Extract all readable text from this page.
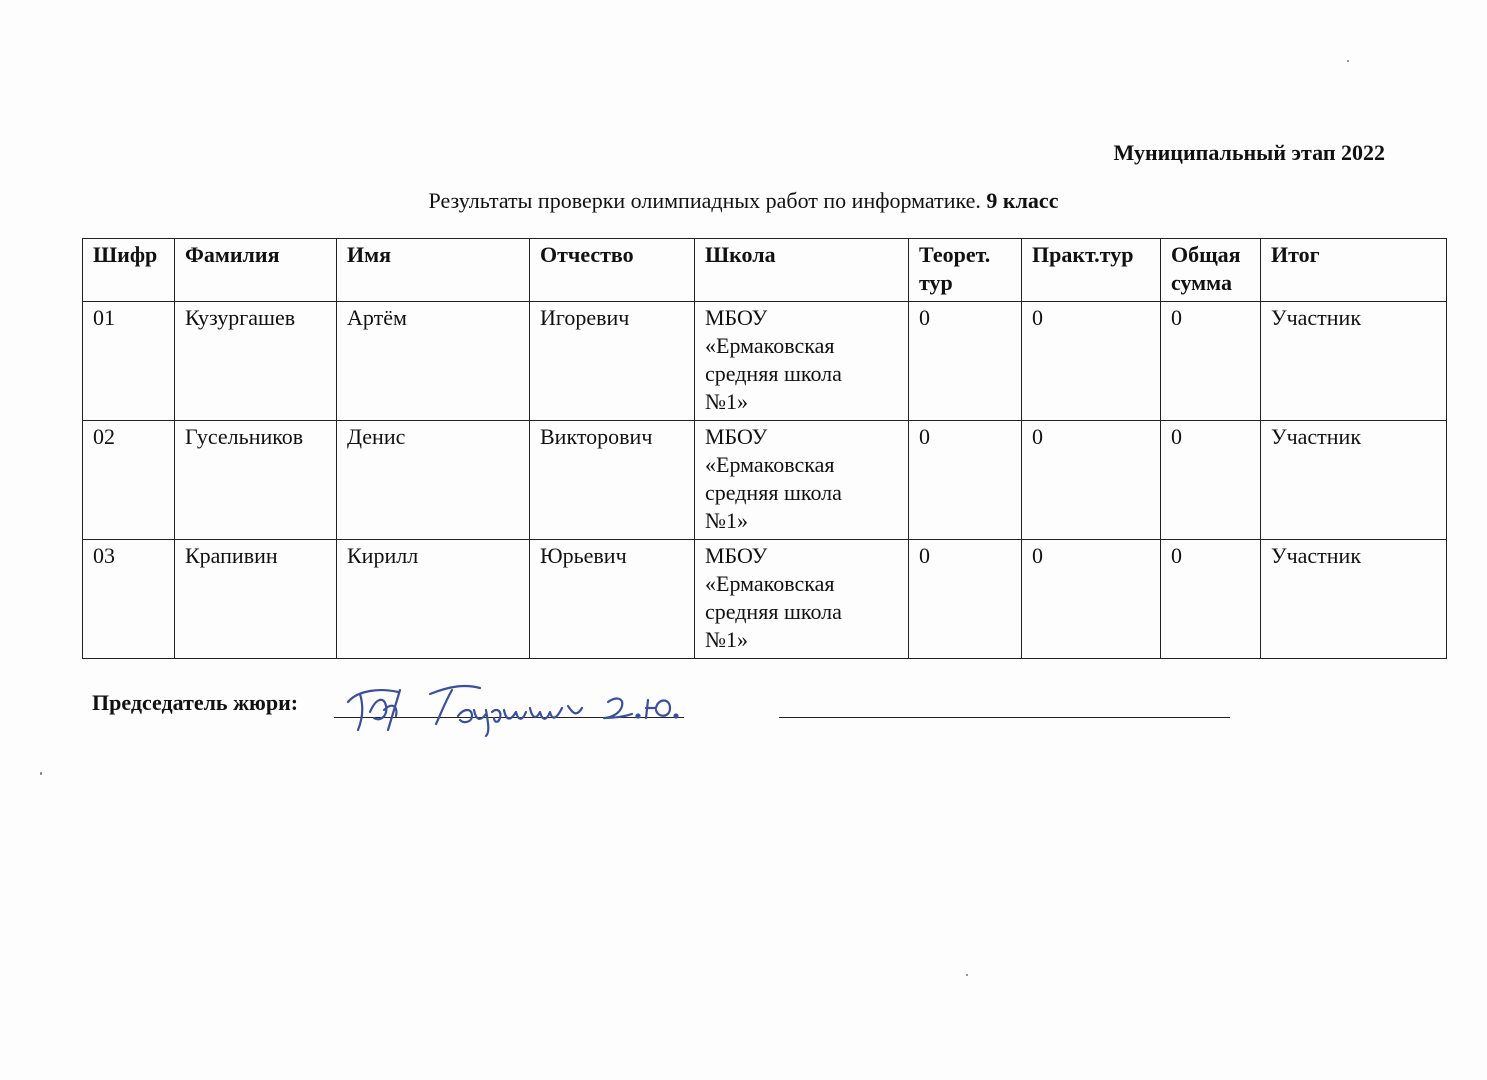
Муниципальный этап 2022
Результаты проверки олимпиадных работ по информатике. 9 класс
Шифр	Фамилия	Имя	Отчество	Школа	Теорет. тур	Практ.тур	Общая сумма	Итог
01	Кузургашев	Артём	Игоревич	МБОУ
«Ермаковская
средняя школа
№1»	0	0	0	Участник
02	Гусельников	Денис	Викторович	МБОУ
«Ермаковская
средняя школа
№1»	0	0	0	Участник
03	Крапивин	Кирилл	Юрьевич	МБОУ
«Ермаковская
средняя школа
№1»	0	0	0	Участник
Председатель жюри:
